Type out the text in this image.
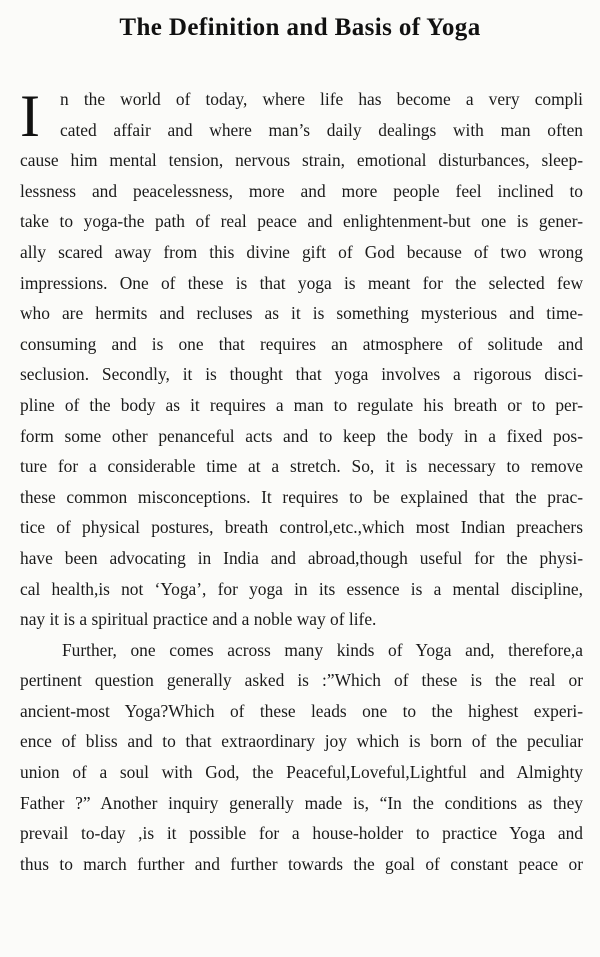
The Definition and Basis of Yoga
I n the world of today, where life has become a very compli
cated affair and where man’s daily dealings with man often
cause him mental tension, nervous strain, emotional disturbances, sleep-
lessness and peacelessness, more and more people feel inclined to
take to yoga-the path of real peace and enlightenment-but one is gener-
ally scared away from this divine gift of God because of two wrong
impressions. One of these is that yoga is meant for the selected few
who are hermits and recluses as it is something mysterious and time-
consuming and is one that requires an atmosphere of solitude and
seclusion. Secondly, it is thought that yoga involves a rigorous disci-
pline of the body as it requires a man to regulate his breath or to per-
form some other penanceful acts and to keep the body in a fixed pos-
ture for a considerable time at a stretch. So, it is necessary to remove
these common misconceptions. It requires to be explained that the prac-
tice of physical postures, breath control,etc.,which most Indian preachers
have been advocating in India and abroad,though useful for the physi-
cal health,is not ‘Yoga’, for yoga in its essence is a mental discipline,
nay it is a spiritual practice and a noble way of life.
Further, one comes across many kinds of Yoga and, therefore,a
pertinent question generally asked is :”Which of these is the real or
ancient-most Yoga?Which of these leads one to the highest experi-
ence of bliss and to that extraordinary joy which is born of the peculiar
union of a soul with God, the Peaceful,Loveful,Lightful and Almighty
Father ?” Another inquiry generally made is, “In the conditions as they
prevail to-day ,is it possible for a house-holder to practice Yoga and
thus to march further and further towards the goal of constant peace or
